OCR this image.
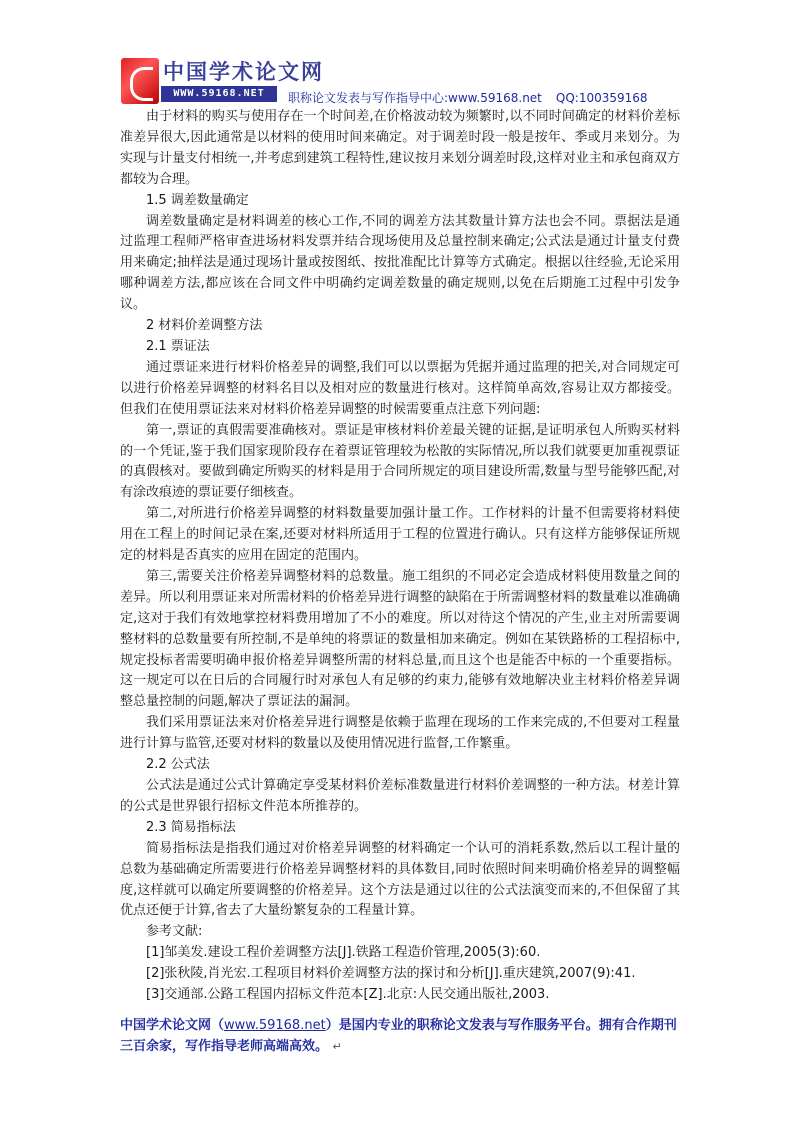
中国学术论文网
WWW.59168.NET	职称论文发表与写作指导中心:www.59168.net QQ:100359168

由于材料的购买与使用存在一个时间差,在价格波动较为频繁时,以不同时间确定的材料价差标准差异很大,因此通常是以材料的使用时间来确定。对于调差时段一般是按年、季或月来划分。为实现与计量支付相统一,并考虑到建筑工程特性,建议按月来划分调差时段,这样对业主和承包商双方都较为合理。

1.5 调差数量确定

调差数量确定是材料调差的核心工作,不同的调差方法其数量计算方法也会不同。票据法是通过监理工程师严格审查进场材料发票并结合现场使用及总量控制来确定;公式法是通过计量支付费用来确定;抽样法是通过现场计量或按图纸、按批准配比计算等方式确定。根据以往经验,无论采用哪种调差方法,都应该在合同文件中明确约定调差数量的确定规则,以免在后期施工过程中引发争议。

2 材料价差调整方法

2.1 票证法

通过票证来进行材料价格差异的调整,我们可以以票据为凭据并通过监理的把关,对合同规定可以进行价格差异调整的材料名目以及相对应的数量进行核对。这样简单高效,容易让双方都接受。但我们在使用票证法来对材料价格差异调整的时候需要重点注意下列问题:

第一,票证的真假需要准确核对。票证是审核材料价差最关键的证据,是证明承包人所购买材料的一个凭证,鉴于我们国家现阶段存在着票证管理较为松散的实际情况,所以我们就要更加重视票证的真假核对。要做到确定所购买的材料是用于合同所规定的项目建设所需,数量与型号能够匹配,对有涂改痕迹的票证要仔细核查。

第二,对所进行价格差异调整的材料数量要加强计量工作。工作材料的计量不但需要将材料使用在工程上的时间记录在案,还要对材料所适用于工程的位置进行确认。只有这样方能够保证所规定的材料是否真实的应用在固定的范围内。

第三,需要关注价格差异调整材料的总数量。施工组织的不同必定会造成材料使用数量之间的差异。所以利用票证来对所需材料的价格差异进行调整的缺陷在于所需调整材料的数量难以准确确定,这对于我们有效地掌控材料费用增加了不小的难度。所以对待这个情况的产生,业主对所需要调整材料的总数量要有所控制,不是单纯的将票证的数量相加来确定。例如在某铁路桥的工程招标中,规定投标者需要明确申报价格差异调整所需的材料总量,而且这个也是能否中标的一个重要指标。这一规定可以在日后的合同履行时对承包人有足够的约束力,能够有效地解决业主材料价格差异调整总量控制的问题,解决了票证法的漏洞。

我们采用票证法来对价格差异进行调整是依赖于监理在现场的工作来完成的,不但要对工程量进行计算与监管,还要对材料的数量以及使用情况进行监督,工作繁重。

2.2 公式法

公式法是通过公式计算确定享受某材料价差标准数量进行材料价差调整的一种方法。材差计算的公式是世界银行招标文件范本所推荐的。

2.3 简易指标法

简易指标法是指我们通过对价格差异调整的材料确定一个认可的消耗系数,然后以工程计量的总数为基础确定所需要进行价格差异调整材料的具体数目,同时依照时间来明确价格差异的调整幅度,这样就可以确定所要调整的价格差异。这个方法是通过以往的公式法演变而来的,不但保留了其优点还便于计算,省去了大量纷繁复杂的工程量计算。

参考文献:

[1]邹美发.建设工程价差调整方法[J].铁路工程造价管理,2005(3):60.

[2]张秋陵,肖光宏.工程项目材料价差调整方法的探讨和分析[J].重庆建筑,2007(9):41.

[3]交通部.公路工程国内招标文件范本[Z].北京:人民交通出版社,2003.

中国学术论文网（www.59168.net）是国内专业的职称论文发表与写作服务平台。拥有合作期刊三百余家，写作指导老师高端高效。 ↵
